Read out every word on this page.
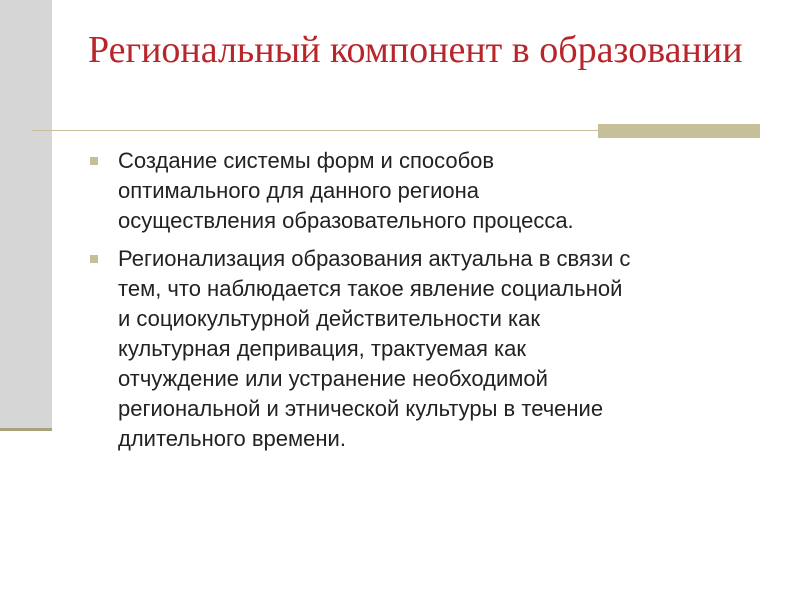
Региональный компонент в образовании
Создание системы форм и способов
оптимального для данного региона
осуществления образовательного процесса.
Регионализация образования актуальна в связи с
тем, что наблюдается такое явление социальной
и социокультурной действительности как
культурная депривация, трактуемая как
отчуждение или устранение необходимой
региональной и этнической культуры в течение
длительного времени.
